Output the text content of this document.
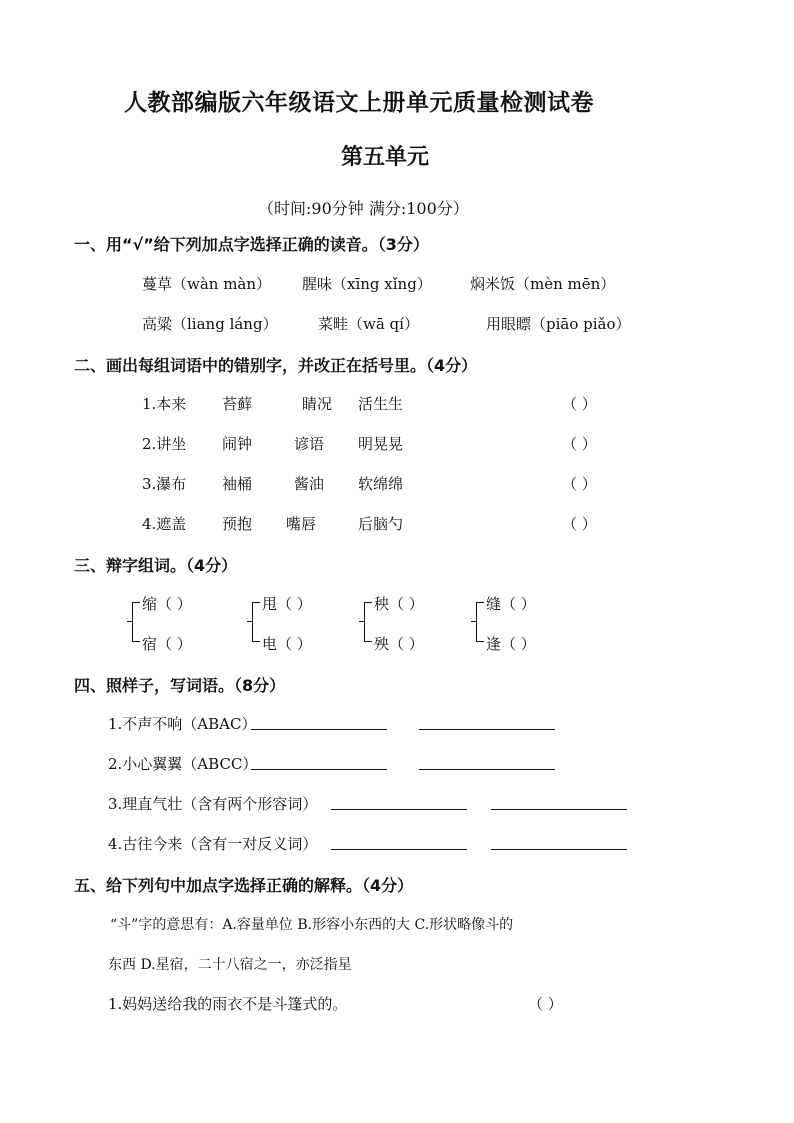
人教部编版六年级语文上册单元质量检测试卷
第五单元
（时间:90分钟 满分:100分）
一、用“√”给下列加点字选择正确的读音。（3分）
蔓草（wàn màn） 腥味（xīng xǐng）	焖米饭（mèn mēn）
高粱（liang láng）	菜畦（wā qí）	用眼瞟（piāo piǎo）
二、画出每组词语中的错别字，并改正在括号里。（4分）
1.本来 苔藓	睛况 活生生	（ ）
2.讲坐 闹钟	谚语 明晃晃	（ ）
3.瀑布 袖桶	酱油 软绵绵	（ ）
4.遮盖 预抱 嘴唇	后脑勺	（ ）
三、辩字组词。（4分）
缩（ ）
宿（ ）
甩（ ）
电（ ）
秧（ ）
殃（ ）
缝（ ）
逢（ ）
四、照样子，写词语。（8分）
1.不声不响（ABAC）
2.小心翼翼（ABCC）
3.理直气壮（含有两个形容词）
4.古往今来（含有一对反义词）
五、给下列句中加点字选择正确的解释。（4分）
“斗”字的意思有：A.容量单位 B.形容小东西的大 C.形状略像斗的
东西 D.星宿，二十八宿之一，亦泛指星
1.妈妈送给我的雨衣不是斗篷式的。	（ ）
